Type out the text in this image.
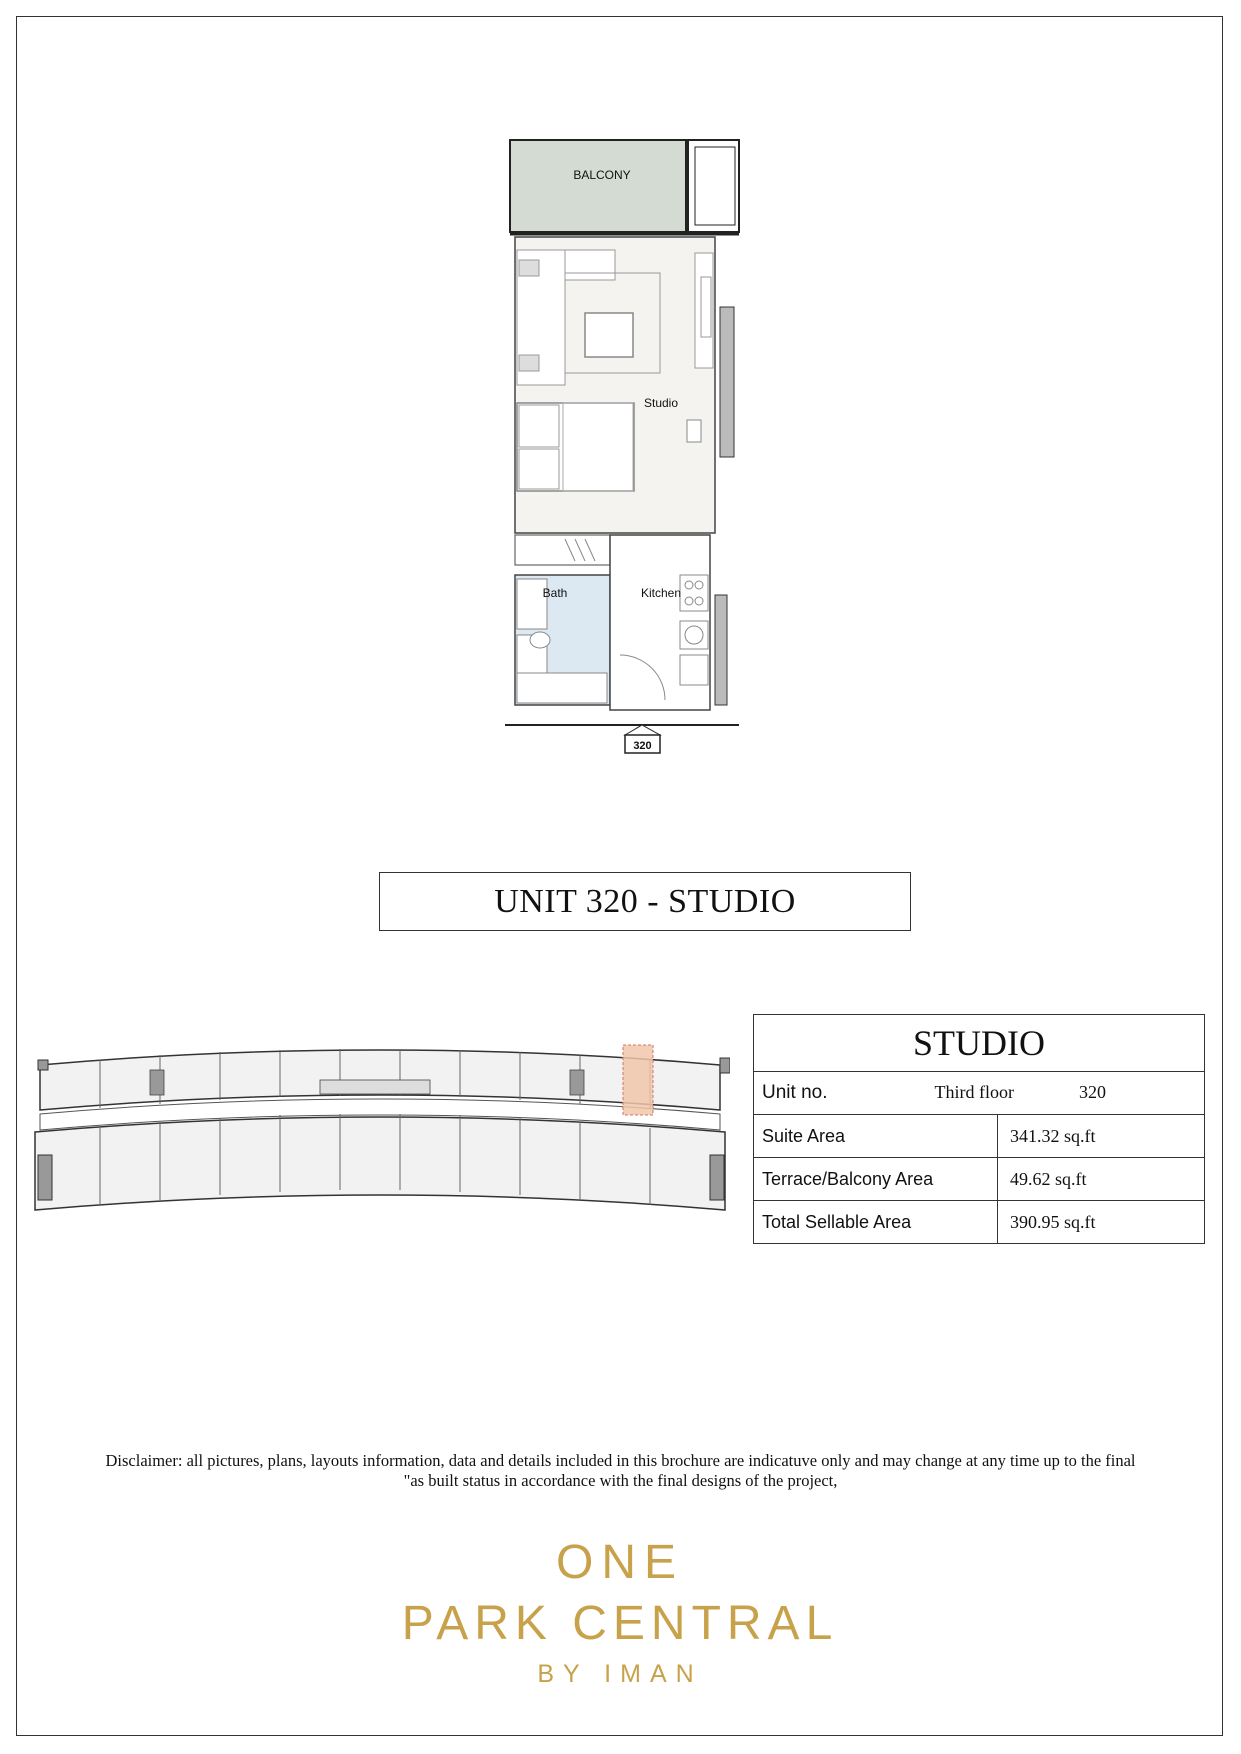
BALCONY
Studio
Bath	Kitchen
320
UNIT 320 - STUDIO
STUDIO	
Unit no. Third floor 320	
Suite Area	341.32 sq.ft
Terrace/Balcony Area	49.62 sq.ft
Total Sellable Area	390.95 sq.ft
Disclaimer: all pictures, plans, layouts information, data and details included in this brochure are indicatuve only and may change at any time up to the final
"as built status in accordance with the final designs of the project,
ONE
PARK CENTRAL
BY IMAN
